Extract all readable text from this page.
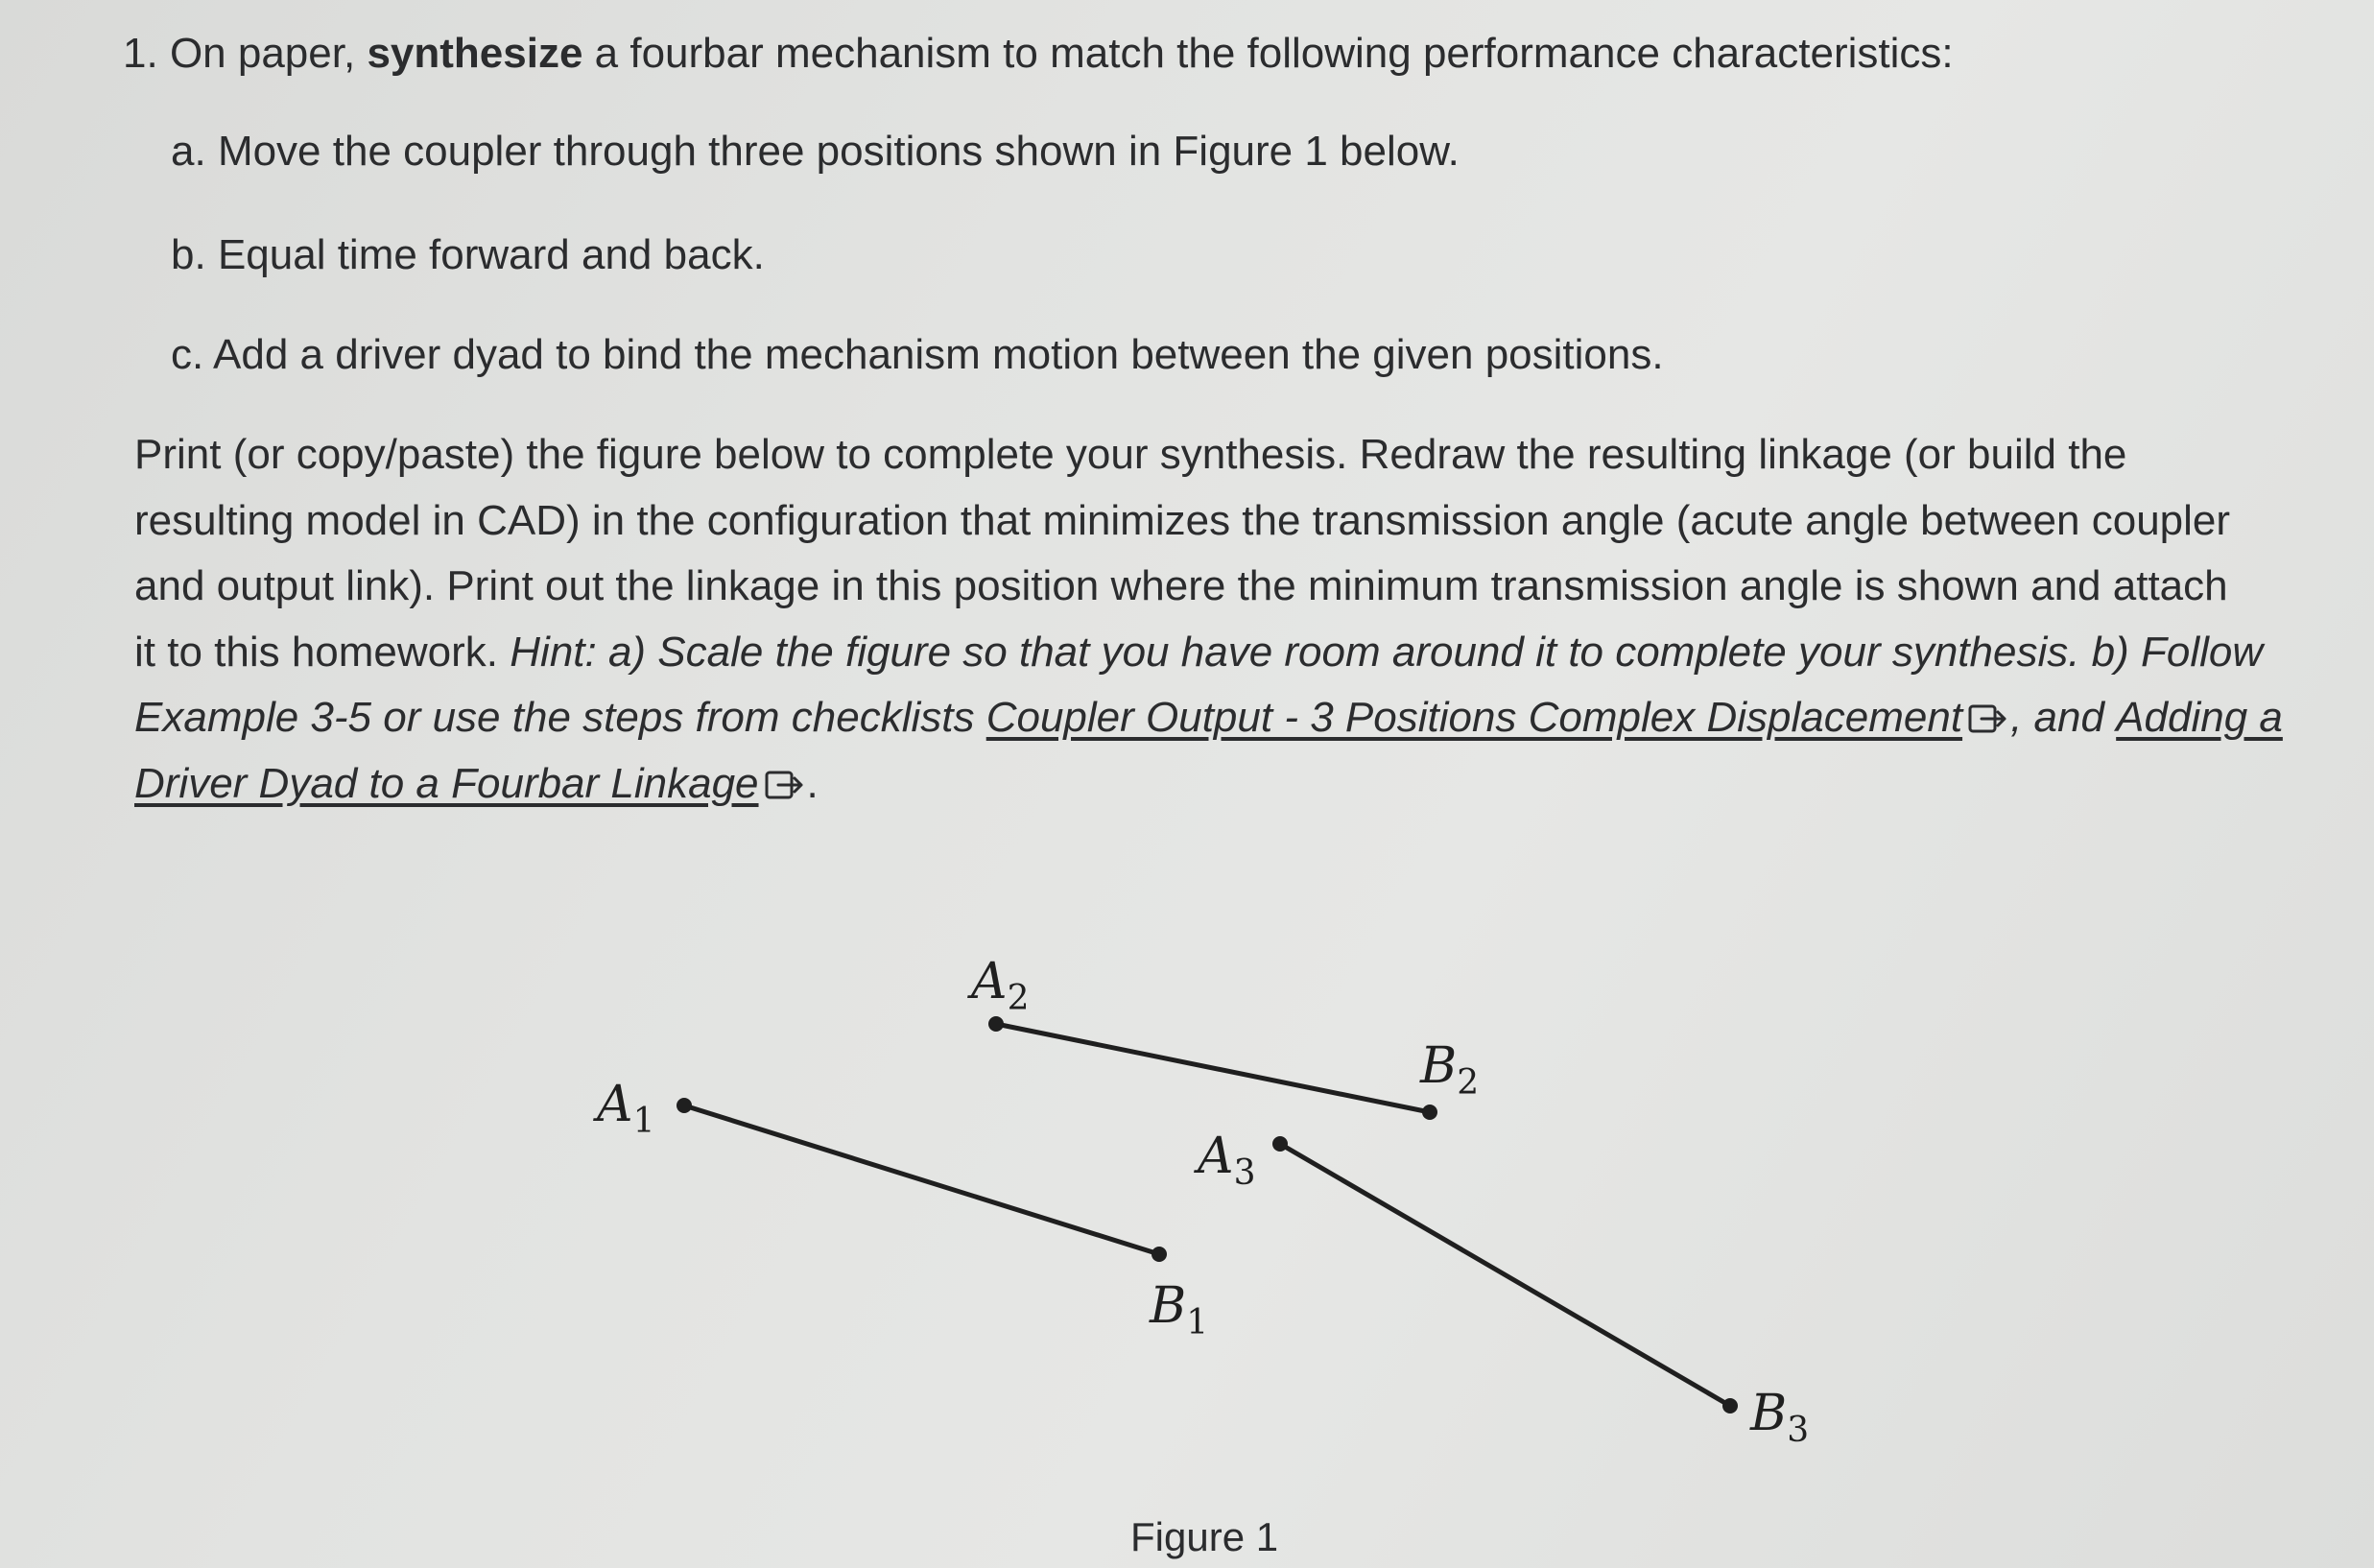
1. On paper, synthesize a fourbar mechanism to match the following performance characteristics:
a. Move the coupler through three positions shown in Figure 1 below.
b. Equal time forward and back.
c. Add a driver dyad to bind the mechanism motion between the given positions.
Print (or copy/paste) the figure below to complete your synthesis. Redraw the resulting linkage (or build the
resulting model in CAD) in the configuration that minimizes the transmission angle (acute angle between coupler
and output link). Print out the linkage in this position where the minimum transmission angle is shown and attach
it to this homework. Hint: a) Scale the figure so that you have room around it to complete your synthesis. b) Follow
Example 3-5 or use the steps from checklists Coupler Output - 3 Positions Complex Displacement , and Adding a
Driver Dyad to a Fourbar Linkage .
$A_1$
$A_2$
$A_3$
$B_1$
$B_2$
$B_3$
Figure 1
